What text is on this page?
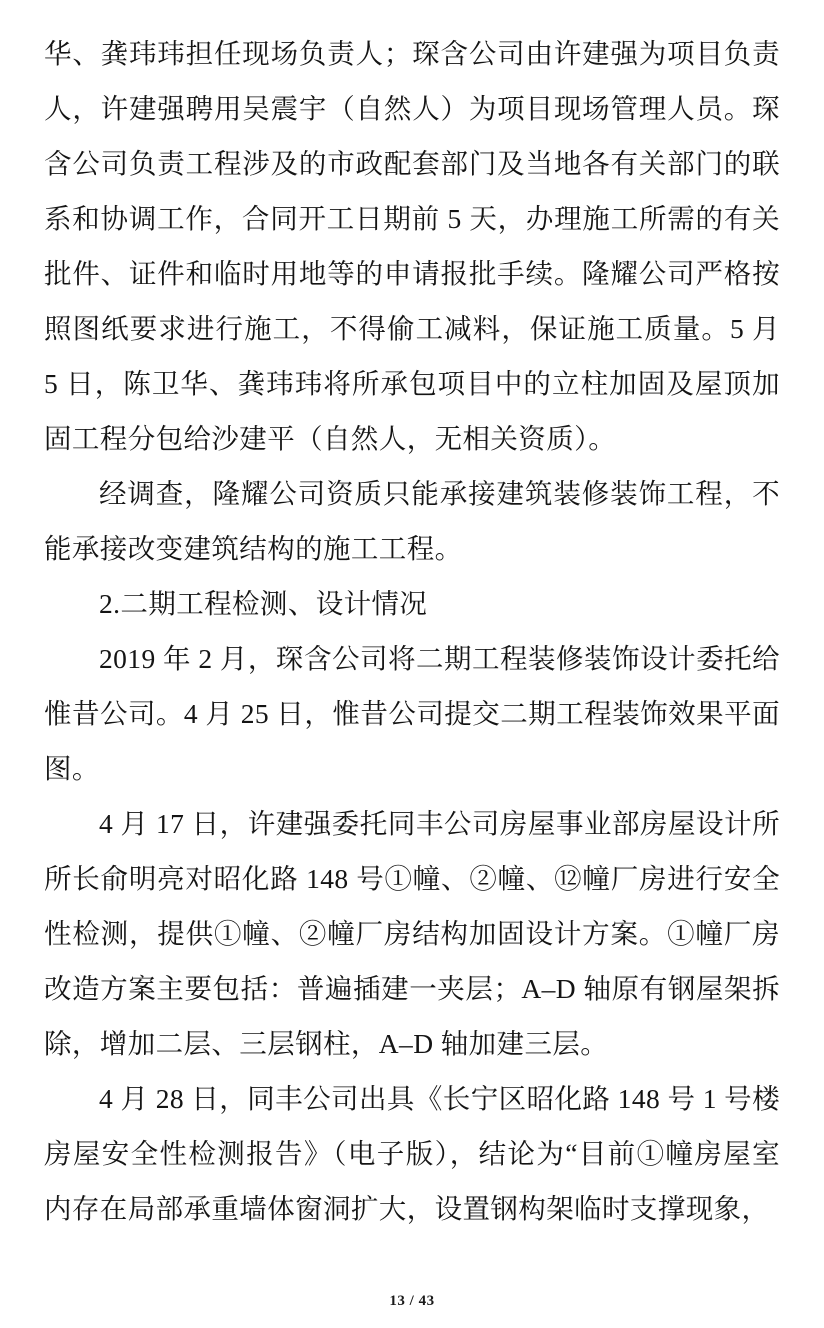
华、龚玮玮担任现场负责人；琛含公司由许建强为项目负责人，许建强聘用吴震宇（自然人）为项目现场管理人员。琛含公司负责工程涉及的市政配套部门及当地各有关部门的联系和协调工作，合同开工日期前 5 天，办理施工所需的有关批件、证件和临时用地等的申请报批手续。隆耀公司严格按照图纸要求进行施工，不得偷工减料，保证施工质量。5 月 5 日，陈卫华、龚玮玮将所承包项目中的立柱加固及屋顶加固工程分包给沙建平（自然人，无相关资质）。

经调查，隆耀公司资质只能承接建筑装修装饰工程，不能承接改变建筑结构的施工工程。

2.二期工程检测、设计情况

2019 年 2 月，琛含公司将二期工程装修装饰设计委托给惟昔公司。4 月 25 日，惟昔公司提交二期工程装饰效果平面图。

4 月 17 日，许建强委托同丰公司房屋事业部房屋设计所所长俞明亮对昭化路 148 号①幢、②幢、⑫幢厂房进行安全性检测，提供①幢、②幢厂房结构加固设计方案。①幢厂房改造方案主要包括：普遍插建一夹层；A–D 轴原有钢屋架拆除，增加二层、三层钢柱，A–D 轴加建三层。

4 月 28 日，同丰公司出具《长宁区昭化路 148 号 1 号楼房屋安全性检测报告》（电子版），结论为“目前①幢房屋室内存在局部承重墙体窗洞扩大，设置钢构架临时支撑现象，

13 / 43
